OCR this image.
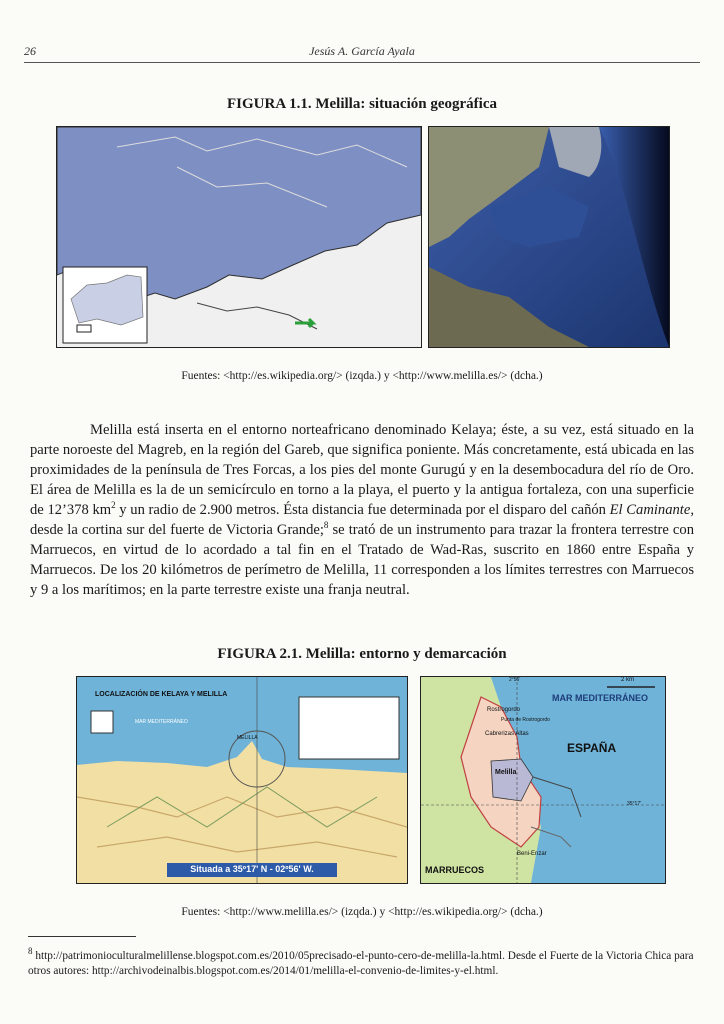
26	Jesús A. García Ayala
FIGURA 1.1. Melilla: situación geográfica
Fuentes: <http://es.wikipedia.org/> (izqda.) y <http://www.melilla.es/> (dcha.)

Melilla está inserta en el entorno norteafricano denominado Kelaya; éste, a su vez, está situado en la parte noroeste del Magreb, en la región del Gareb, que significa poniente. Más concretamente, está ubicada en las proximidades de la península de Tres Forcas, a los pies del monte Gurugú y en la desembocadura del río de Oro. El área de Melilla es la de un semicírculo en torno a la playa, el puerto y la antigua fortaleza, con una superficie de 12’378 $km^2$ y un radio de 2.900 metros. Ésta distancia fue determinada por el disparo del cañón El Caminante, desde la cortina sur del fuerte de Victoria Grande;$^8$ se trató de un instrumento para trazar la frontera terrestre con Marruecos, en virtud de lo acordado a tal fin en el Tratado de Wad-Ras, suscrito en 1860 entre España y Marruecos. De los 20 kilómetros de perímetro de Melilla, 11 corresponden a los límites terrestres con Marruecos y 9 a los marítimos; en la parte terrestre existe una franja neutral.

FIGURA 2.1. Melilla: entorno y demarcación
LOCALIZACIÓN DE KELAYA Y MELILLA
MAR MEDITERRÁNEO
MELILLA
Situada a 35º17' N - 02º56' W.
2 km
2°56'
MAR MEDITERRÁNEO
ESPAÑA
MARRUECOS
35°17'
Rostrogordo
Punta de Rostrogordo
Cabrerizas Altas
Melilla
Beni-Enzar
Fuentes: <http://www.melilla.es/> (izqda.) y <http://es.wikipedia.org/> (dcha.)
$^8$ http://patrimonioculturalmelillense.blogspot.com.es/2010/05precisado-el-punto-cero-de-melilla-la.html. Desde el Fuerte de la Victoria Chica para otros autores: http://archivodeinalbis.blogspot.com.es/2014/01/melilla-el-convenio-de-limites-y-el.html.
